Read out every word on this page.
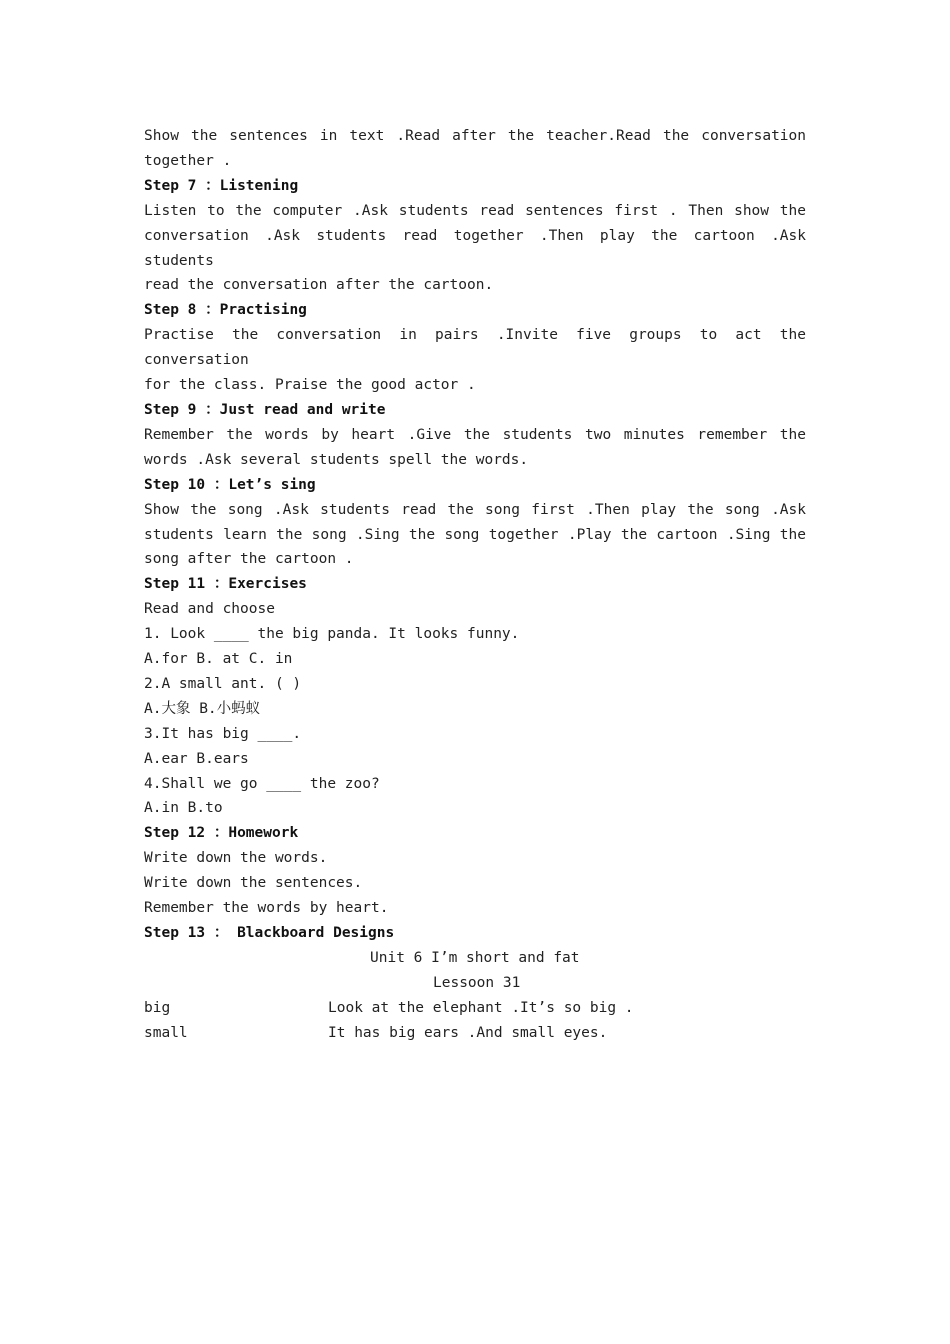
Show the sentences in text .Read after the teacher.Read the conversation
together .
Step 7 ：Listening
Listen to the computer .Ask students read sentences first . Then show the
conversation .Ask students read together .Then play the cartoon .Ask students
read the conversation after the cartoon.
Step 8 ：Practising
Practise the conversation in pairs .Invite five groups to act the conversation
for the class. Praise the good actor .
Step 9 ：Just read and write
Remember the words by heart .Give the students two minutes remember the
words .Ask several students spell the words.
Step 10 ：Let’s sing
Show the song .Ask students read the song first .Then play the song .Ask
students learn the song .Sing the song together .Play the cartoon .Sing the
song after the cartoon .
Step 11 ：Exercises
Read and choose
1. Look ____ the big panda. It looks funny.
A.for B. at C. in
2.A small ant. ( )
A.大象 B.小蚂蚁
3.It has big ____.
A.ear B.ears
4.Shall we go ____ the zoo?
A.in B.to
Step 12 ：Homework
Write down the words.
Write down the sentences.
Remember the words by heart.
Step 13 ： Blackboard Designs
Unit 6 I’m short and fat
Lessoon 31
big	Look at the elephant .It’s so big .
small	It has big ears .And small eyes.
